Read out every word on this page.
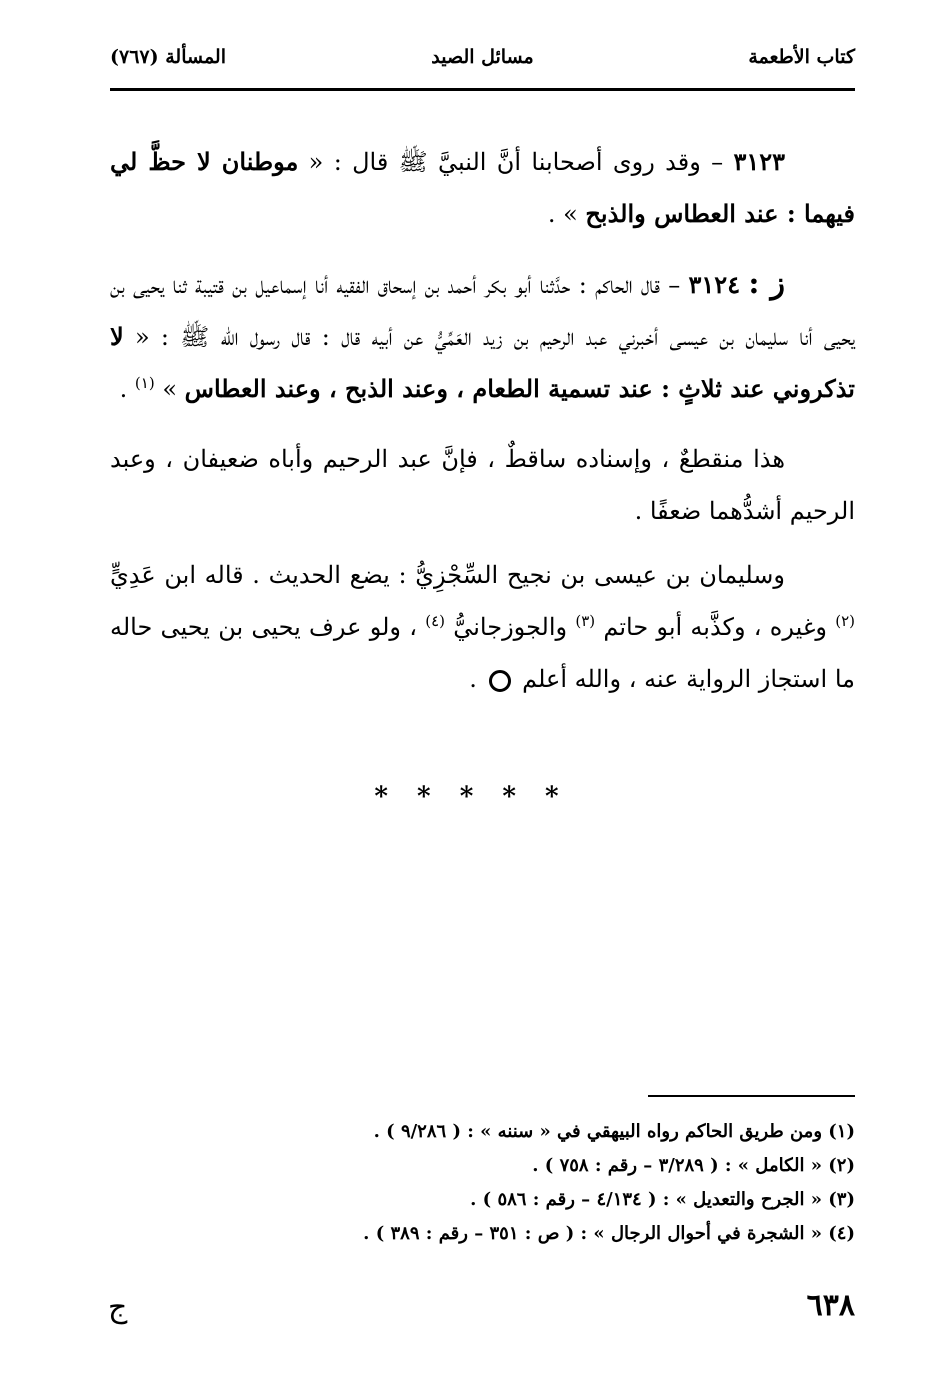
كتاب الأطعمة
مسائل الصيد
المسألة (٧٦٧)

٣١٢٣ – وقد روى أصحابنا أنَّ النبيَّ ﷺ قال : « موطنان لا حظَّ لي فيهما : عند العطاس والذبح » .

ز : ٣١٢٤ – قال الحاكم : حدَّثنا أبو بكر أحمد بن إسحاق الفقيه أنا إسماعيل بن قتيبة ثنا يحيى بن يحيى أنا سليمان بن عيسى أخبرني عبد الرحيم بن زيد العَمِّيُّ عن أبيه قال : قال رسول الله ﷺ : « لا تذكروني عند ثلاثٍ : عند تسمية الطعام ، وعند الذبح ، وعند العطاس » $^{(١)}$ .

هذا منقطعٌ ، وإسناده ساقطٌ ، فإنَّ عبد الرحيم وأباه ضعيفان ، وعبد الرحيم أشدُّهما ضعفًا .

وسليمان بن عيسى بن نجيح السِّجْزِيُّ : يضع الحديث . قاله ابن عَدِيٍّ $^{(٢)}$ وغيره ، وكذَّبه أبو حاتم $^{(٣)}$ والجوزجانيُّ $^{(٤)}$ ، ولو عرف يحيى بن يحيى حاله ما استجاز الرواية عنه ، والله أعلم  .

* * * * *

(١) ومن طريق الحاكم رواه البيهقي في « سننه » : ( ٩/٢٨٦ ) .

(٢) « الكامل » : ( ٣/٢٨٩ – رقم : ٧٥٨ ) .

(٣) « الجرح والتعديل » : ( ٤/١٣٤ – رقم : ٥٨٦ ) .

(٤) « الشجرة في أحوال الرجال » : ( ص : ٣٥١ – رقم : ٣٨٩ ) .

٦٣٨
ج
